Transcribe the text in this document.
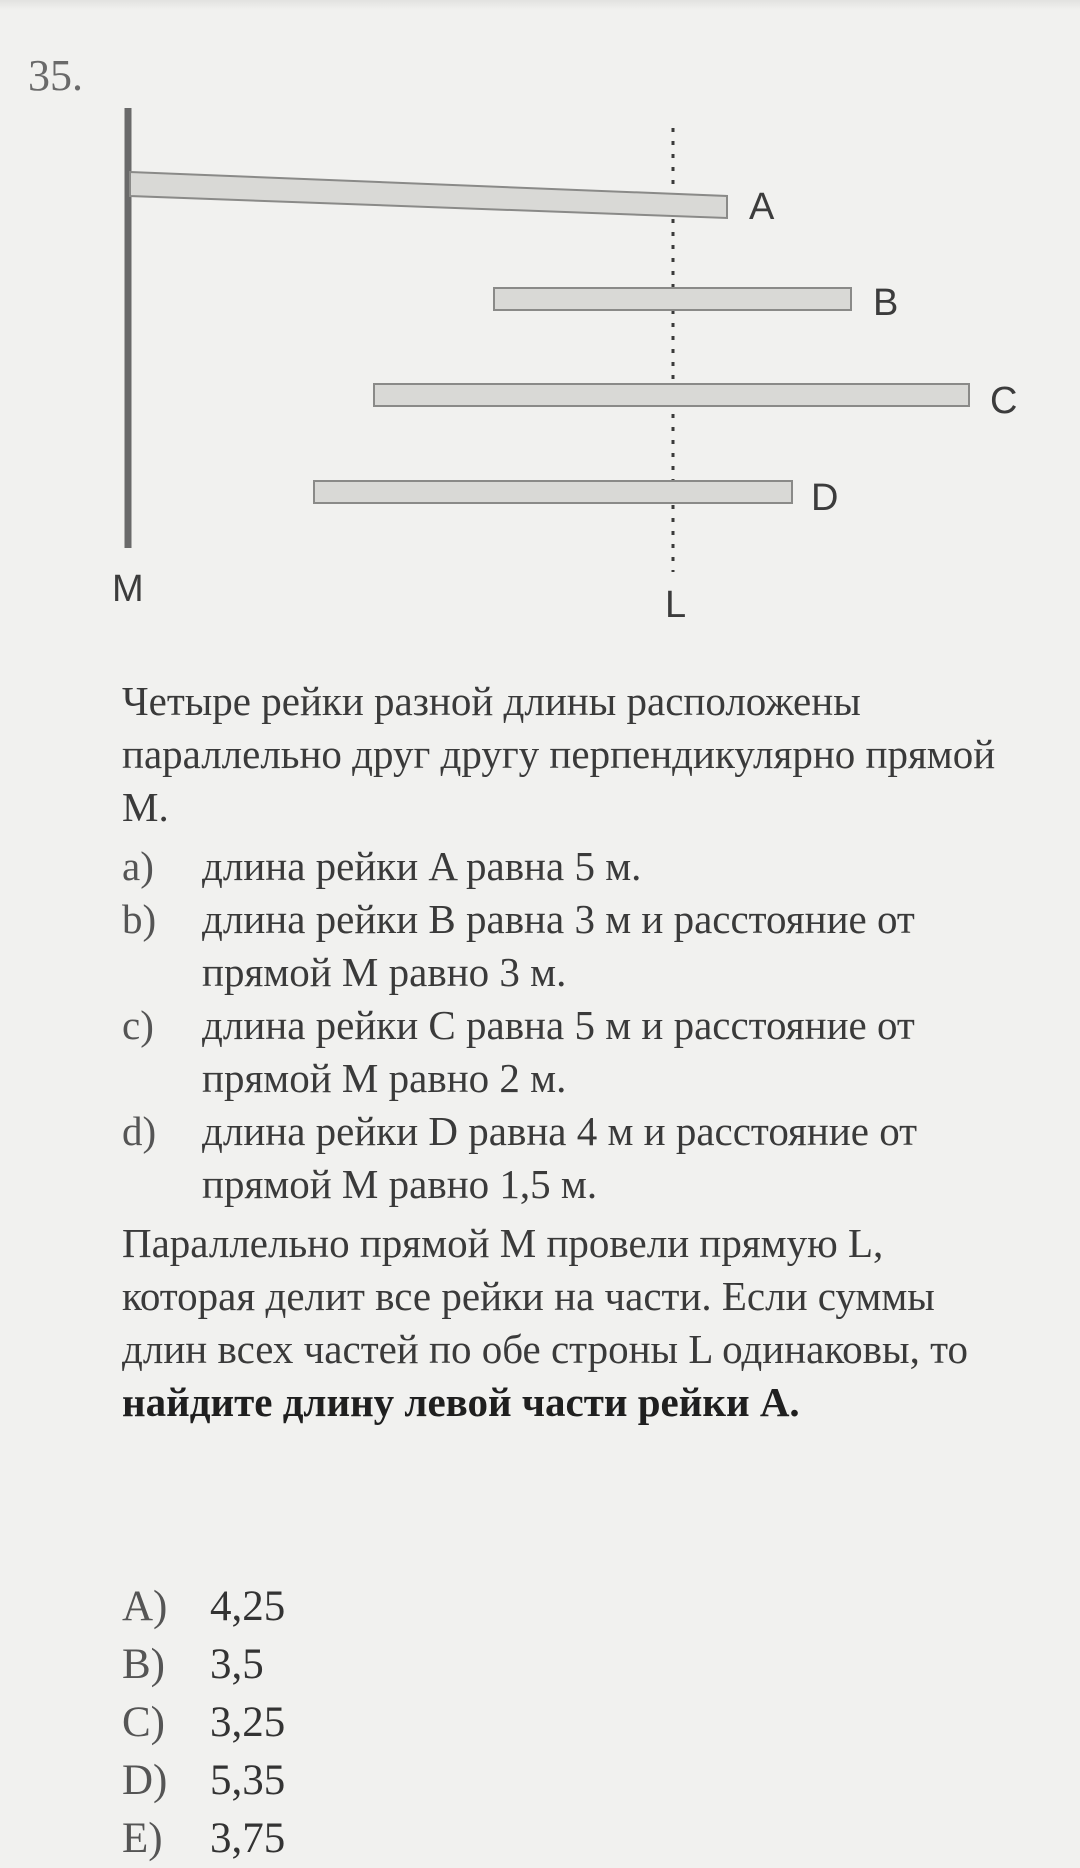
35.
A
B
C
D
M	L

Четыре рейки разной длины расположены параллельно друг другу перпендикулярно прямой M.

a) длина рейки A равна 5 м.
b) длина рейки B равна 3 м и расстояние от прямой M равно 3 м.
c) длина рейки C равна 5 м и расстояние от прямой M равно 2 м.
d) длина рейки D равна 4 м и расстояние от прямой M равно 1,5 м.

Параллельно прямой M провели прямую L, которая делит все рейки на части. Если суммы длин всех частей по обе строны L одинаковы, то найдите длину левой части рейки A.

A) 4,25
B) 3,5
C) 3,25
D) 5,35
E) 3,75
